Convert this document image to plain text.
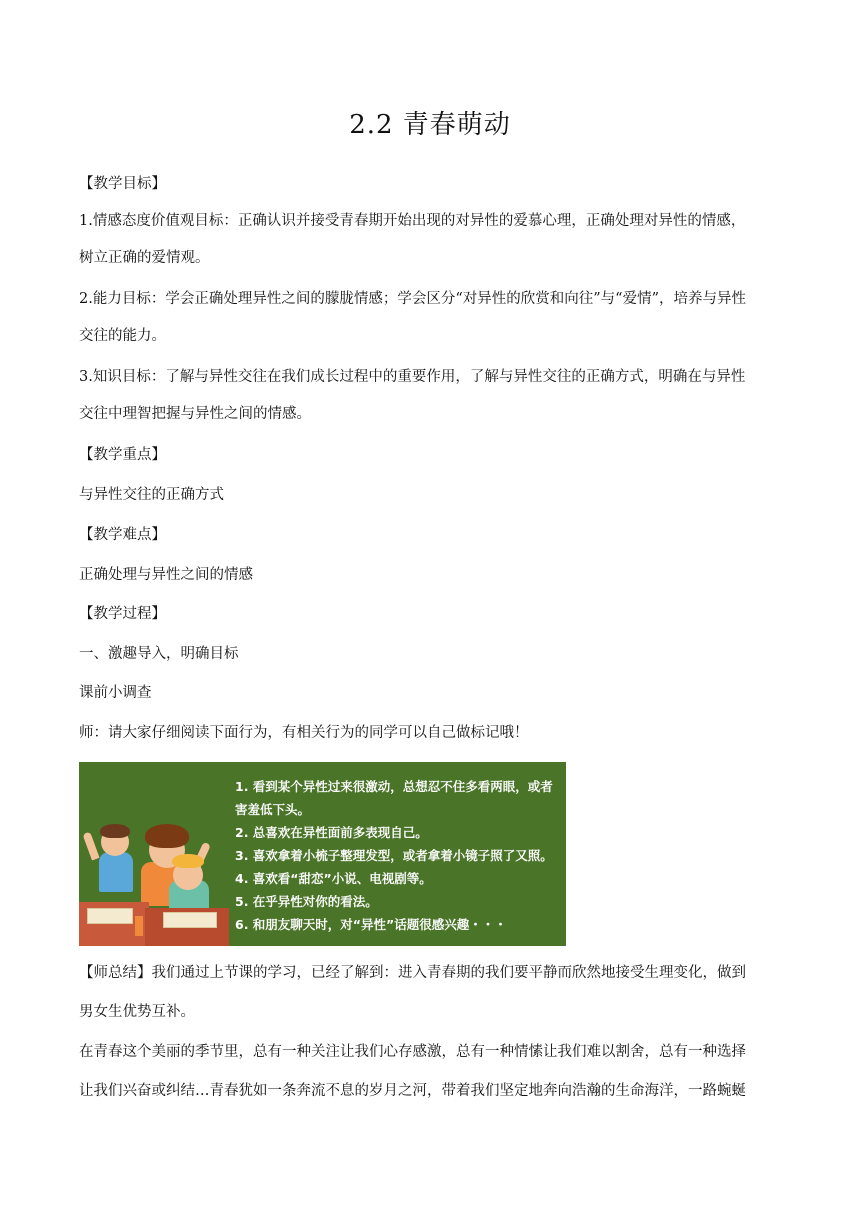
2.2 青春萌动

【教学目标】

1.情感态度价值观目标：正确认识并接受青春期开始出现的对异性的爱慕心理，正确处理对异性的情感，

树立正确的爱情观。

2.能力目标：学会正确处理异性之间的朦胧情感；学会区分“对异性的欣赏和向往”与“爱情”，培养与异性

交往的能力。

3.知识目标：了解与异性交往在我们成长过程中的重要作用，了解与异性交往的正确方式，明确在与异性

交往中理智把握与异性之间的情感。

【教学重点】

与异性交往的正确方式

【教学难点】

正确处理与异性之间的情感

【教学过程】

一、激趣导入，明确目标

课前小调查

师：请大家仔细阅读下面行为，有相关行为的同学可以自己做标记哦！

1. 看到某个异性过来很激动，总想忍不住多看两眼，或者害羞低下头。
2. 总喜欢在异性面前多表现自己。
3. 喜欢拿着小梳子整理发型，或者拿着小镜子照了又照。
4. 喜欢看“甜恋”小说、电视剧等。
5. 在乎异性对你的看法。
6. 和朋友聊天时，对“异性”话题很感兴趣・・・

【师总结】我们通过上节课的学习，已经了解到：进入青春期的我们要平静而欣然地接受生理变化，做到

男女生优势互补。

在青春这个美丽的季节里，总有一种关注让我们心存感激，总有一种情愫让我们难以割舍，总有一种选择

让我们兴奋或纠结…青春犹如一条奔流不息的岁月之河，带着我们坚定地奔向浩瀚的生命海洋，一路蜿蜒
